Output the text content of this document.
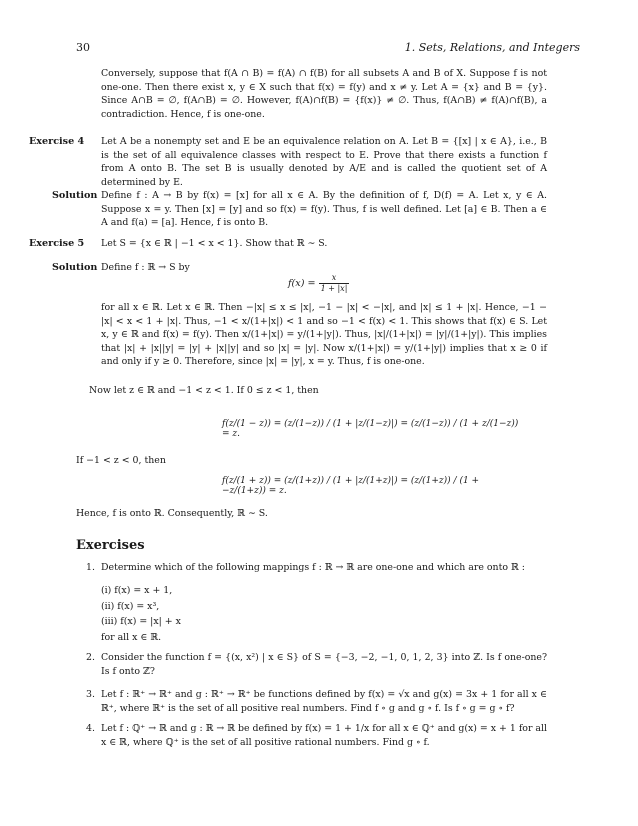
30	1. Sets, Relations, and Integers
Conversely, suppose that f(A ∩ B) = f(A) ∩ f(B) for all subsets A and B of X. Suppose f is not one-one. Then there exist x, y ∈ X such that f(x) = f(y) and x ≠ y. Let A = {x} and B = {y}. Since A∩B = ∅, f(A∩B) = ∅. However, f(A)∩f(B) = {f(x)} ≠ ∅. Thus, f(A∩B) ≠ f(A)∩f(B), a contradiction. Hence, f is one-one.
Exercise 4 Let A be a nonempty set and E be an equivalence relation on A. Let B = {[x] | x ∈ A}, i.e., B is the set of all equivalence classes with respect to E. Prove that there exists a function f from A onto B. The set B is usually denoted by A/E and is called the quotient set of A determined by E.
Solution Define f : A → B by f(x) = [x] for all x ∈ A. By the definition of f, D(f) = A. Let x, y ∈ A. Suppose x = y. Then [x] = [y] and so f(x) = f(y). Thus, f is well defined. Let [a] ∈ B. Then a ∈ A and f(a) = [a]. Hence, f is onto B.
Exercise 5 Let S = {x ∈ ℝ | −1 < x < 1}. Show that ℝ ∼ S.
Solution Define f : ℝ → S by
$f(x) = \frac{x}{1 + |x|}$
for all x ∈ ℝ. Let x ∈ ℝ. Then −|x| ≤ x ≤ |x|, −1 − |x| < −|x|, and |x| ≤ 1 + |x|. Hence, −1 − |x| < x < 1 + |x|. Thus, −1 < x/(1+|x|) < 1 and so −1 < f(x) < 1. This shows that f(x) ∈ S. Let x, y ∈ ℝ and f(x) = f(y). Then x/(1+|x|) = y/(1+|y|). Thus, |x|/(1+|x|) = |y|/(1+|y|). This implies that |x| + |x||y| = |y| + |x||y| and so |x| = |y|. Now x/(1+|x|) = y/(1+|y|) implies that x ≥ 0 if and only if y ≥ 0. Therefore, since |x| = |y|, x = y. Thus, f is one-one.
Now let z ∈ ℝ and −1 < z < 1. If 0 ≤ z < 1, then
f(z/(1 − z)) = (z/(1−z)) / (1 + |z/(1−z)|) = (z/(1−z)) / (1 + z/(1−z)) = z.
If −1 < z < 0, then
f(z/(1 + z)) = (z/(1+z)) / (1 + |z/(1+z)|) = (z/(1+z)) / (1 + −z/(1+z)) = z.
Hence, f is onto ℝ. Consequently, ℝ ∼ S.
Exercises
1. Determine which of the following mappings f : ℝ → ℝ are one-one and which are onto ℝ :
(i) f(x) = x + 1,
(ii) f(x) = x³,
(iii) f(x) = |x| + x
for all x ∈ ℝ.
2. Consider the function f = {(x, x²) | x ∈ S} of S = {−3, −2, −1, 0, 1, 2, 3} into ℤ. Is f one-one? Is f onto ℤ?
3. Let f : ℝ⁺ → ℝ⁺ and g : ℝ⁺ → ℝ⁺ be functions defined by f(x) = √x and g(x) = 3x + 1 for all x ∈ ℝ⁺, where ℝ⁺ is the set of all positive real numbers. Find f ∘ g and g ∘ f. Is f ∘ g = g ∘ f?
4. Let f : ℚ⁺ → ℝ and g : ℝ → ℝ be defined by f(x) = 1 + 1/x for all x ∈ ℚ⁺ and g(x) = x + 1 for all x ∈ ℝ, where ℚ⁺ is the set of all positive rational numbers. Find g ∘ f.
